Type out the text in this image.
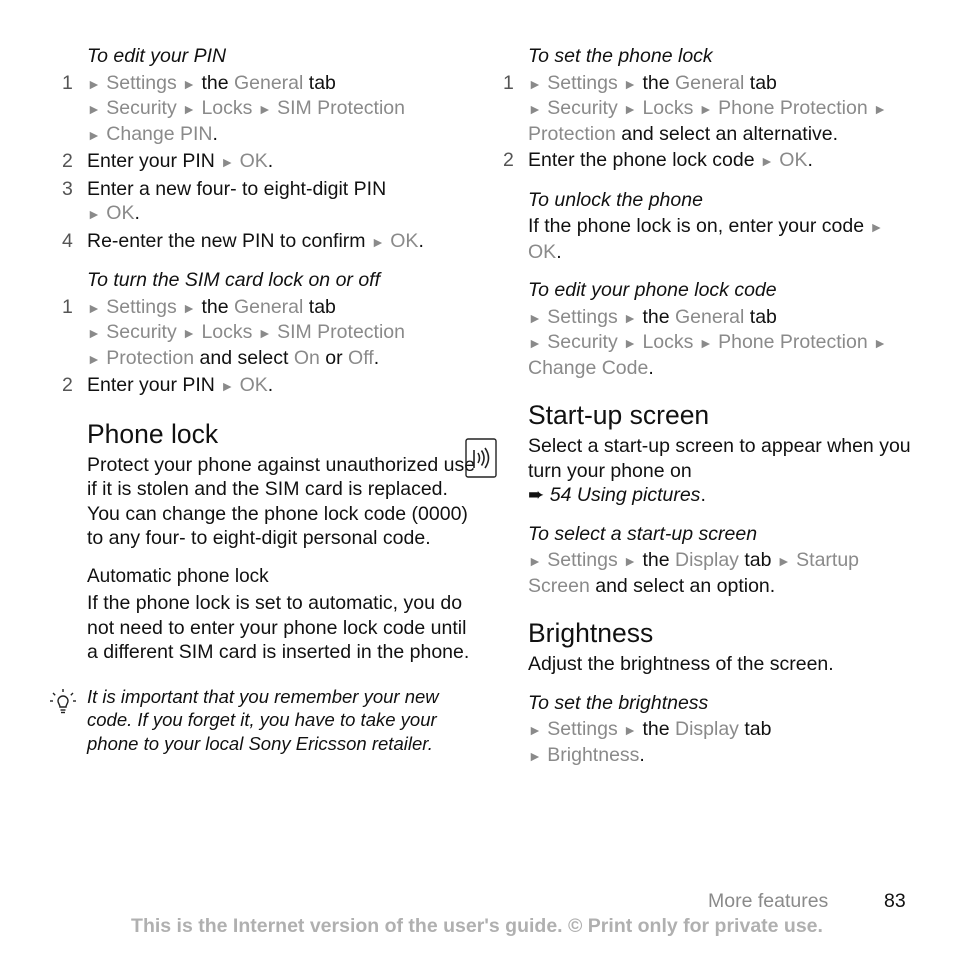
To edit your PIN
1	► Settings ► the General tab
► Security ► Locks ► SIM Protection
► Change PIN.
2 Enter your PIN ► OK.
3 Enter a new four- to eight-digit PIN
► OK.
4 Re-enter the new PIN to confirm ► OK.
To turn the SIM card lock on or off
1	► Settings ► the General tab
► Security ► Locks ► SIM Protection
► Protection and select On or Off.
2 Enter your PIN ► OK.
Phone lock
Protect your phone against unauthorized use if it is stolen and the SIM card is replaced. You can change the phone lock code (0000) to any four- to eight-digit personal code.
Automatic phone lock
If the phone lock is set to automatic, you do not need to enter your phone lock code until a different SIM card is inserted in the phone.
It is important that you remember your new code. If you forget it, you have to take your phone to your local Sony Ericsson retailer.
To set the phone lock
1	► Settings ► the General tab
► Security ► Locks ► Phone Protection ► Protection and select an alternative.
2 Enter the phone lock code ► OK.
To unlock the phone
If the phone lock is on, enter your code ► OK.
To edit your phone lock code
► Settings ► the General tab
► Security ► Locks ► Phone Protection ► Change Code.
Start-up screen
Select a start-up screen to appear when you turn your phone on
➨ 54 Using pictures.
To select a start-up screen
► Settings ► the Display tab ► Startup Screen and select an option.
Brightness
Adjust the brightness of the screen.
To set the brightness
► Settings ► the Display tab
► Brightness.
More features	83
This is the Internet version of the user's guide. © Print only for private use.
